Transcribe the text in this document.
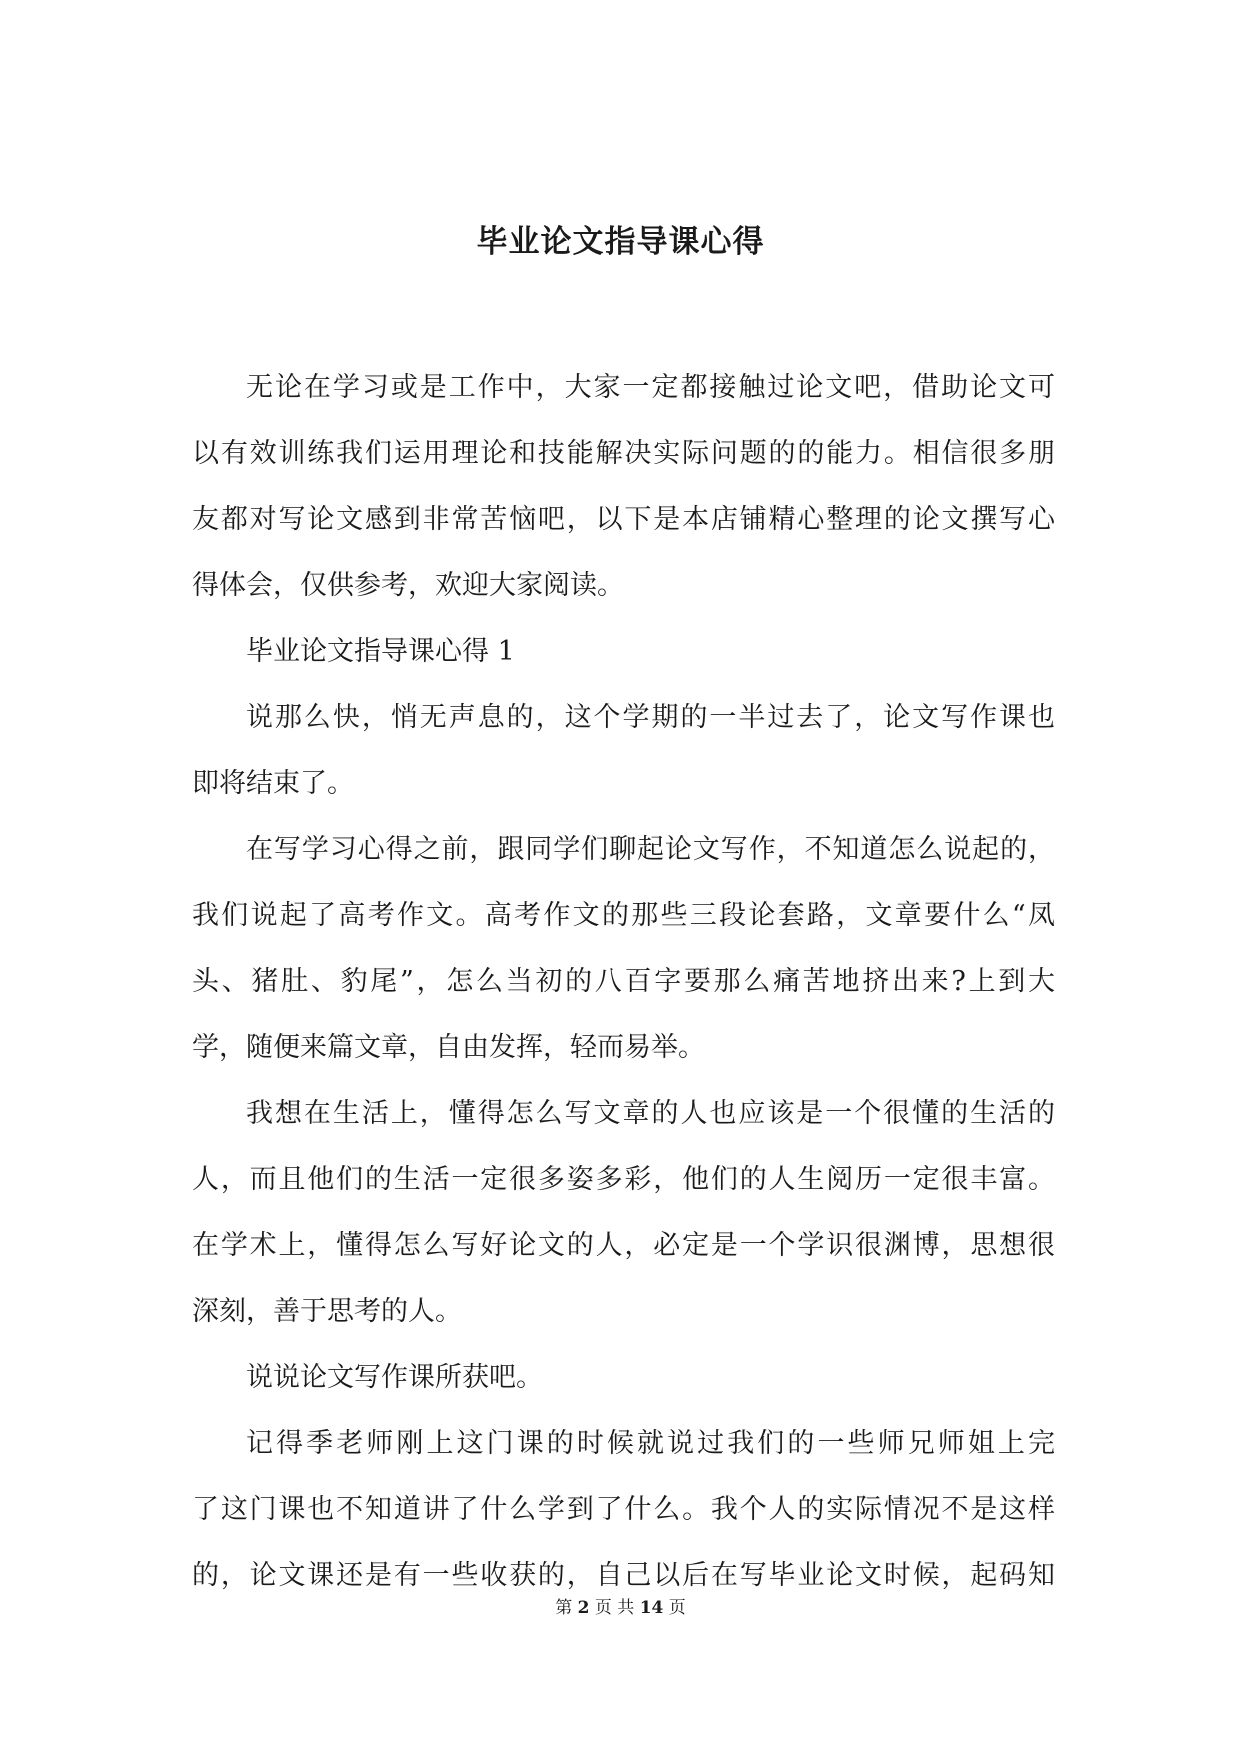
毕业论文指导课心得
无论在学习或是工作中，大家一定都接触过论文吧，借助论文可
以有效训练我们运用理论和技能解决实际问题的的能力。相信很多朋
友都对写论文感到非常苦恼吧，以下是本店铺精心整理的论文撰写心
得体会，仅供参考，欢迎大家阅读。
毕业论文指导课心得 1
说那么快，悄无声息的，这个学期的一半过去了，论文写作课也
即将结束了。
在写学习心得之前，跟同学们聊起论文写作，不知道怎么说起的，
我们说起了高考作文。高考作文的那些三段论套路，文章要什么“凤
头、猪肚、豹尾”，怎么当初的八百字要那么痛苦地挤出来?上到大
学，随便来篇文章，自由发挥，轻而易举。
我想在生活上，懂得怎么写文章的人也应该是一个很懂的生活的
人，而且他们的生活一定很多姿多彩，他们的人生阅历一定很丰富。
在学术上，懂得怎么写好论文的人，必定是一个学识很渊博，思想很
深刻，善于思考的人。
说说论文写作课所获吧。
记得季老师刚上这门课的时候就说过我们的一些师兄师姐上完
了这门课也不知道讲了什么学到了什么。我个人的实际情况不是这样
的，论文课还是有一些收获的，自己以后在写毕业论文时候，起码知
第 2 页 共 14 页
